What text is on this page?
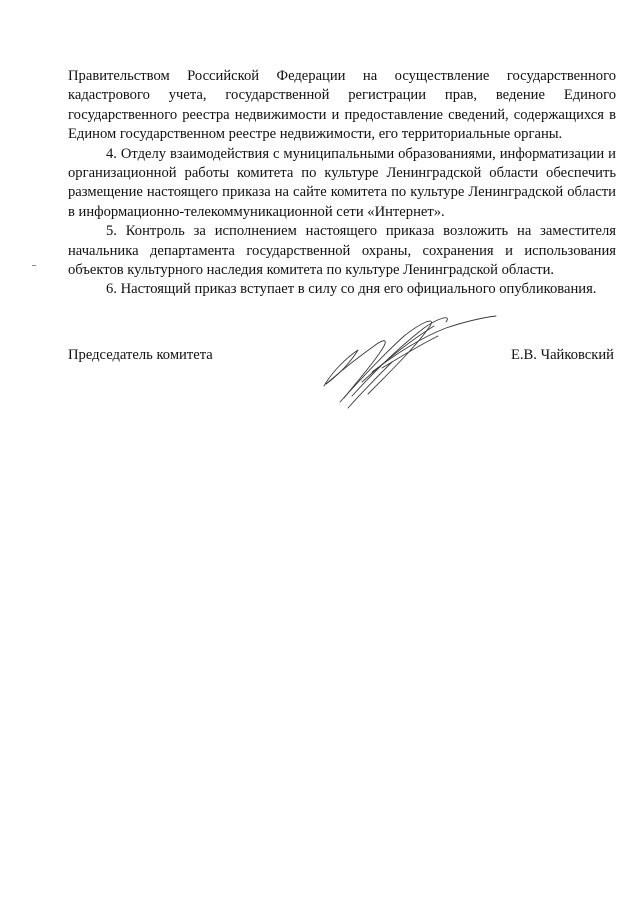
Правительством Российской Федерации на осуществление государственного кадастрового учета, государственной регистрации прав, ведение Единого государственного реестра недвижимости и предоставление сведений, содержащихся в Едином государственном реестре недвижимости, его территориальные органы.

4. Отделу взаимодействия с муниципальными образованиями, информатизации и организационной работы комитета по культуре Ленинградской области обеспечить размещение настоящего приказа на сайте комитета по культуре Ленинградской области в информационно-телекоммуникационной сети «Интернет».

5. Контроль за исполнением настоящего приказа возложить на заместителя начальника департамента государственной охраны, сохранения и использования объектов культурного наследия комитета по культуре Ленинградской области.

6. Настоящий приказ вступает в силу со дня его официального опубликования.

Председатель комитета	Е.В. Чайковский
